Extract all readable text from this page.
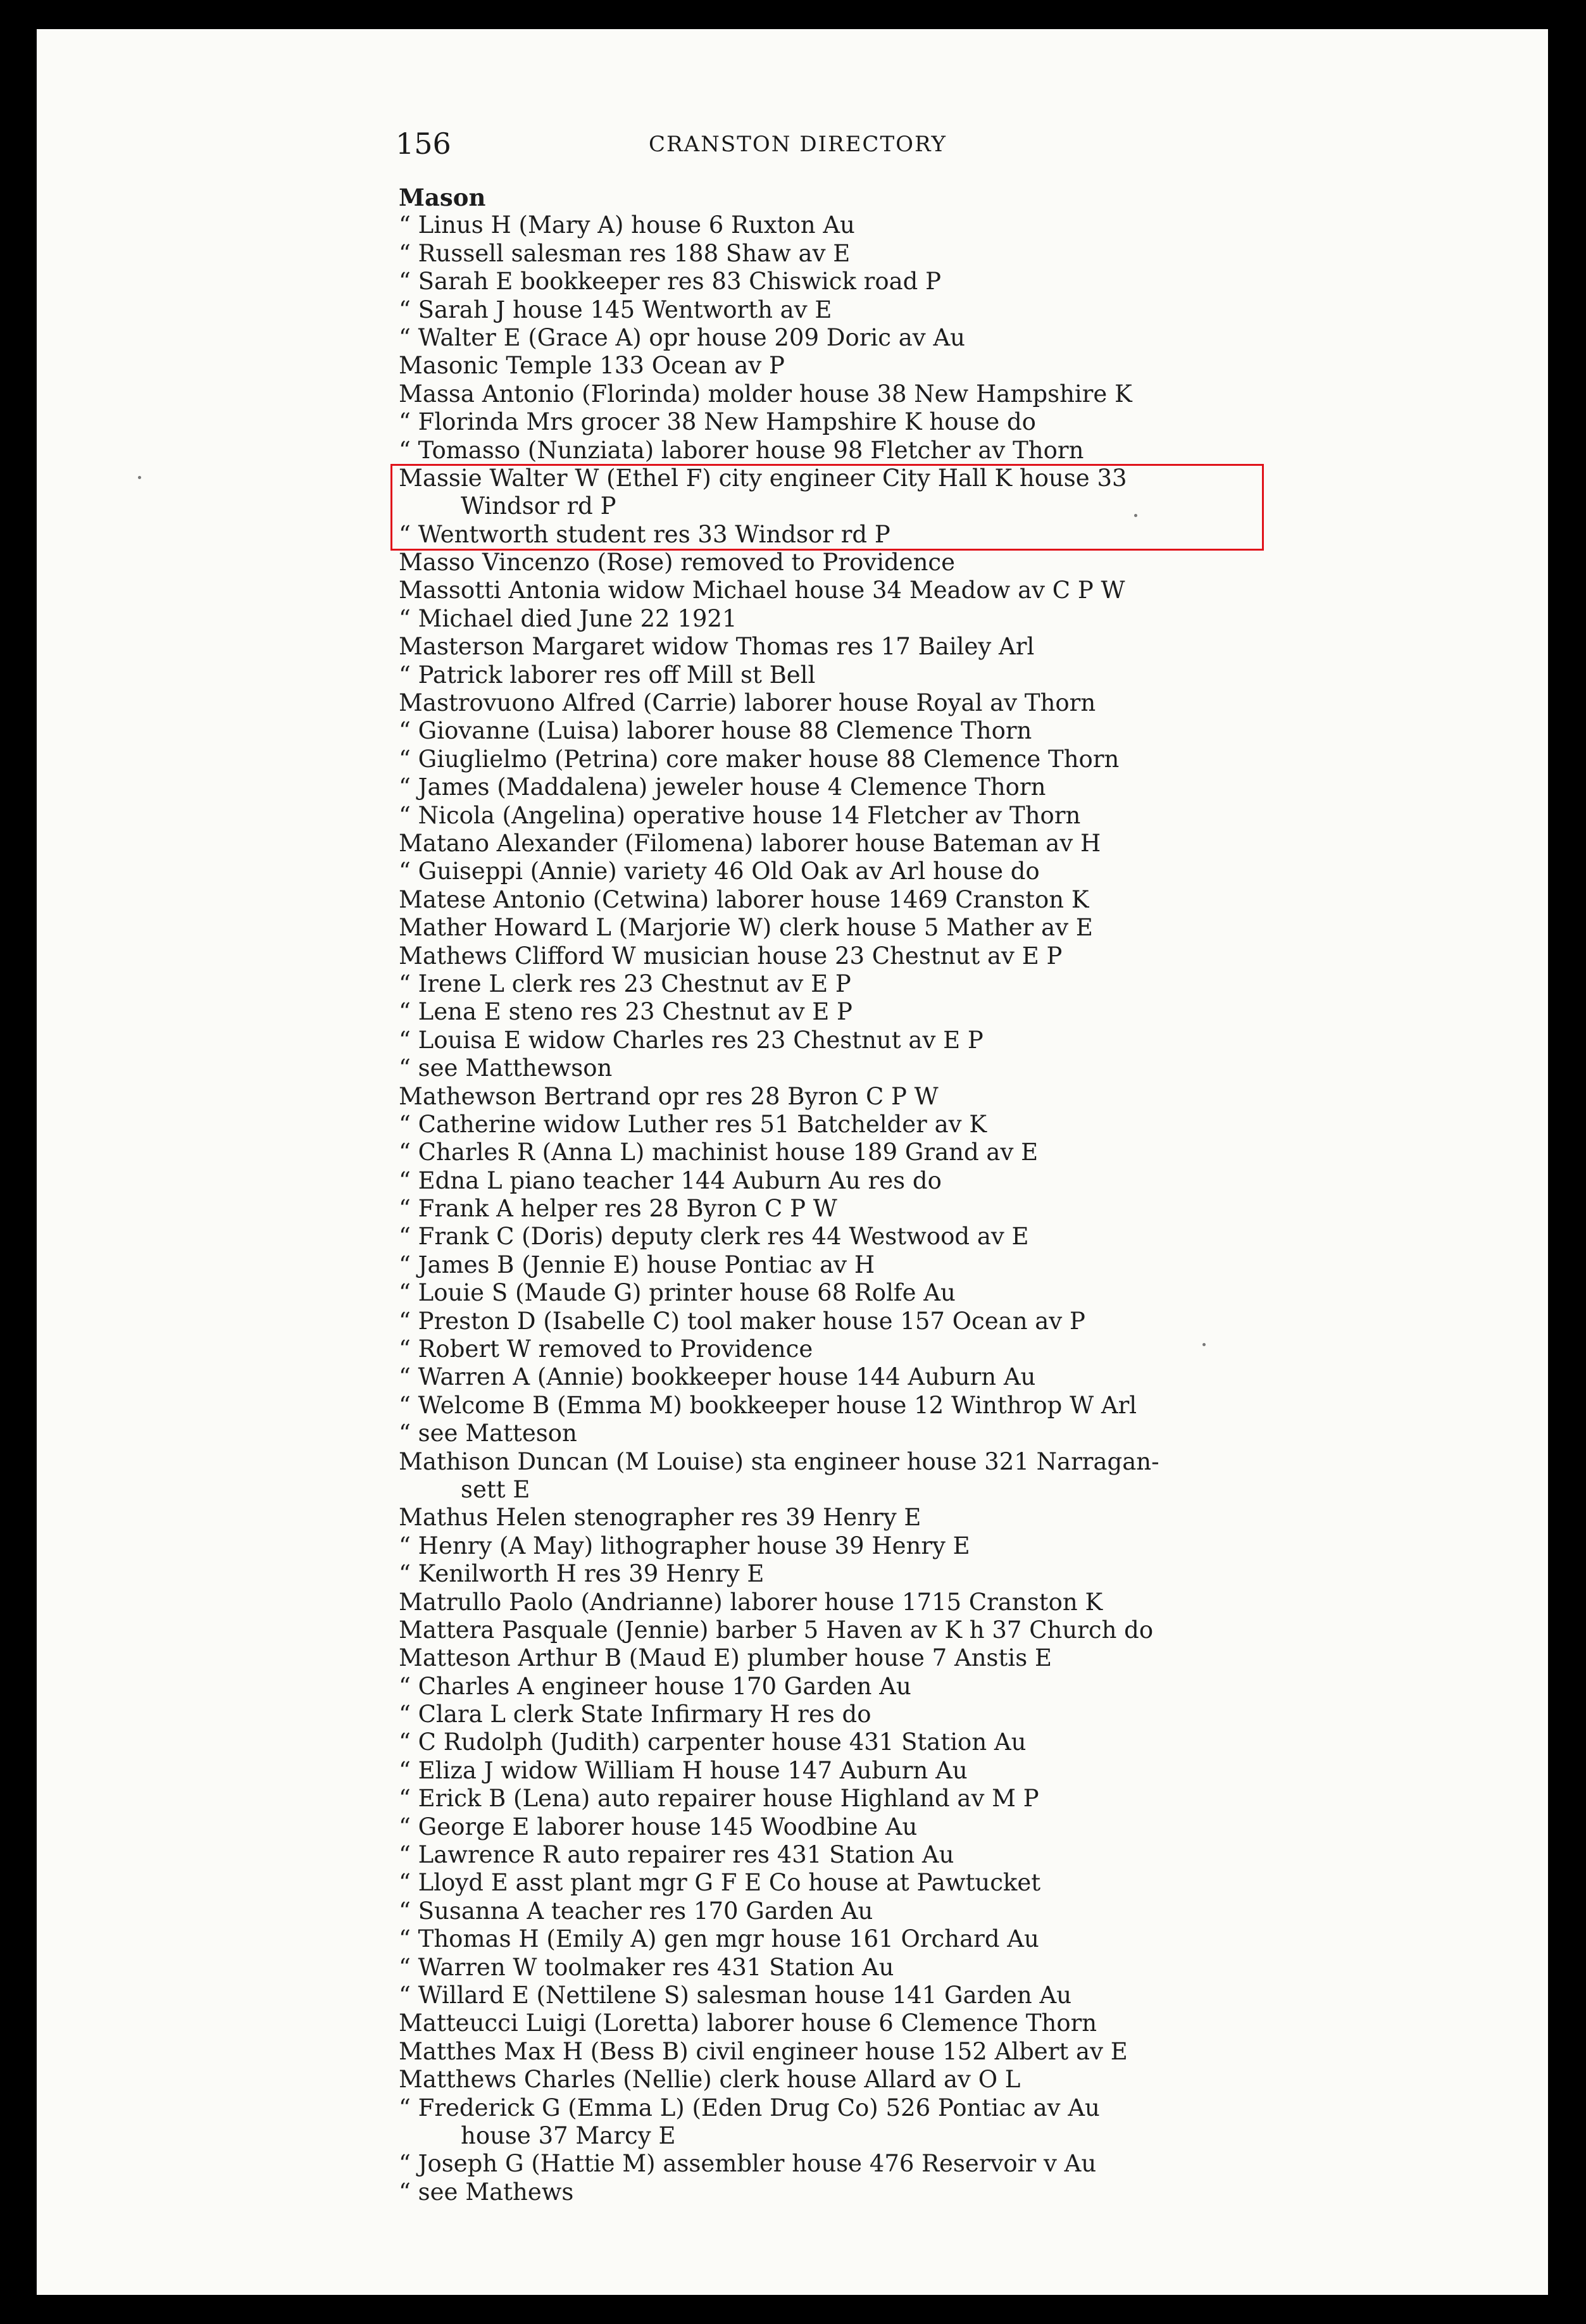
156	CRANSTON DIRECTORY
Mason
“ Linus H (Mary A) house 6 Ruxton Au
“ Russell salesman res 188 Shaw av E
“ Sarah E bookkeeper res 83 Chiswick road P
“ Sarah J house 145 Wentworth av E
“ Walter E (Grace A) opr house 209 Doric av Au
Masonic Temple 133 Ocean av P
Massa Antonio (Florinda) molder house 38 New Hampshire K
“ Florinda Mrs grocer 38 New Hampshire K house do
“ Tomasso (Nunziata) laborer house 98 Fletcher av Thorn
Massie Walter W (Ethel F) city engineer City Hall K house 33
Windsor rd P
“ Wentworth student res 33 Windsor rd P
Masso Vincenzo (Rose) removed to Providence
Massotti Antonia widow Michael house 34 Meadow av C P W
“ Michael died June 22 1921
Masterson Margaret widow Thomas res 17 Bailey Arl
“ Patrick laborer res off Mill st Bell
Mastrovuono Alfred (Carrie) laborer house Royal av Thorn
“ Giovanne (Luisa) laborer house 88 Clemence Thorn
“ Giuglielmo (Petrina) core maker house 88 Clemence Thorn
“ James (Maddalena) jeweler house 4 Clemence Thorn
“ Nicola (Angelina) operative house 14 Fletcher av Thorn
Matano Alexander (Filomena) laborer house Bateman av H
“ Guiseppi (Annie) variety 46 Old Oak av Arl house do
Matese Antonio (Cetwina) laborer house 1469 Cranston K
Mather Howard L (Marjorie W) clerk house 5 Mather av E
Mathews Clifford W musician house 23 Chestnut av E P
“ Irene L clerk res 23 Chestnut av E P
“ Lena E steno res 23 Chestnut av E P
“ Louisa E widow Charles res 23 Chestnut av E P
“ see Matthewson
Mathewson Bertrand opr res 28 Byron C P W
“ Catherine widow Luther res 51 Batchelder av K
“ Charles R (Anna L) machinist house 189 Grand av E
“ Edna L piano teacher 144 Auburn Au res do
“ Frank A helper res 28 Byron C P W
“ Frank C (Doris) deputy clerk res 44 Westwood av E
“ James B (Jennie E) house Pontiac av H
“ Louie S (Maude G) printer house 68 Rolfe Au
“ Preston D (Isabelle C) tool maker house 157 Ocean av P
“ Robert W removed to Providence
“ Warren A (Annie) bookkeeper house 144 Auburn Au
“ Welcome B (Emma M) bookkeeper house 12 Winthrop W Arl
“ see Matteson
Mathison Duncan (M Louise) sta engineer house 321 Narragan-
sett E
Mathus Helen stenographer res 39 Henry E
“ Henry (A May) lithographer house 39 Henry E
“ Kenilworth H res 39 Henry E
Matrullo Paolo (Andrianne) laborer house 1715 Cranston K
Mattera Pasquale (Jennie) barber 5 Haven av K h 37 Church do
Matteson Arthur B (Maud E) plumber house 7 Anstis E
“ Charles A engineer house 170 Garden Au
“ Clara L clerk State Infirmary H res do
“ C Rudolph (Judith) carpenter house 431 Station Au
“ Eliza J widow William H house 147 Auburn Au
“ Erick B (Lena) auto repairer house Highland av M P
“ George E laborer house 145 Woodbine Au
“ Lawrence R auto repairer res 431 Station Au
“ Lloyd E asst plant mgr G F E Co house at Pawtucket
“ Susanna A teacher res 170 Garden Au
“ Thomas H (Emily A) gen mgr house 161 Orchard Au
“ Warren W toolmaker res 431 Station Au
“ Willard E (Nettilene S) salesman house 141 Garden Au
Matteucci Luigi (Loretta) laborer house 6 Clemence Thorn
Matthes Max H (Bess B) civil engineer house 152 Albert av E
Matthews Charles (Nellie) clerk house Allard av O L
“ Frederick G (Emma L) (Eden Drug Co) 526 Pontiac av Au
house 37 Marcy E
“ Joseph G (Hattie M) assembler house 476 Reservoir v Au
“ see Mathews
